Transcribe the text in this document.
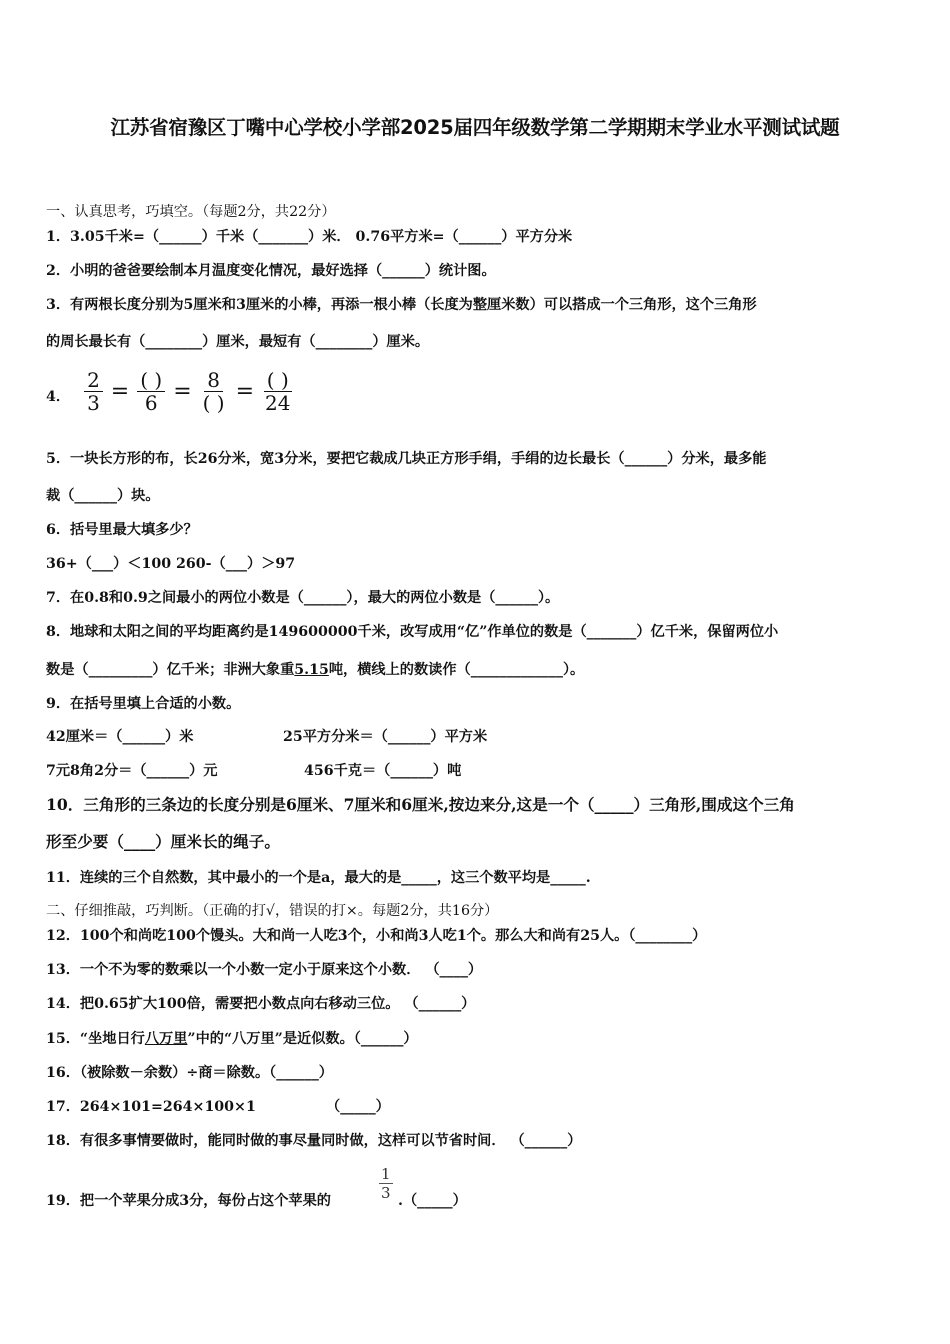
江苏省宿豫区丁嘴中心学校小学部2025届四年级数学第二学期期末学业水平测试试题
一、认真思考，巧填空。（每题2分，共22分）
1．3.05千米=（______）千米（_______）米． 0.76平方米=（______）平方分米
2．小明的爸爸要绘制本月温度变化情况，最好选择（______）统计图。
3．有两根长度分别为5厘米和3厘米的小棒，再添一根小棒（长度为整厘米数）可以搭成一个三角形，这个三角形
的周长最长有（________）厘米，最短有（________）厘米。
4． $\frac{2}{3}$ = ( )
6 = 8
( ) = ( )
24
5．一块长方形的布，长26分米，宽3分米，要把它裁成几块正方形手绢，手绢的边长最长（______）分米，最多能
裁（______）块。
6．括号里最大填多少？
36+（___）＜100 260-（___）＞97
7．在0.8和0.9之间最小的两位小数是（______），最大的两位小数是（______）。
8．地球和太阳之间的平均距离约是149600000千米，改写成用“亿”作单位的数是（_______）亿千米，保留两位小
数是（_________）亿千米；非洲大象重5.15吨，横线上的数读作（_____________）。
9．在括号里填上合适的小数。
42厘米＝（______）米	25平方分米＝（______）平方米
7元8角2分＝（______）元	456千克＝（______）吨
10．三角形的三条边的长度分别是6厘米、7厘米和6厘米,按边来分,这是一个（_____）三角形,围成这个三角
形至少要（____）厘米长的绳子。
11．连续的三个自然数，其中最小的一个是a，最大的是_____，这三个数平均是_____.
二、仔细推敲，巧判断。（正确的打√，错误的打×。每题2分，共16分）
12．100个和尚吃100个馒头。大和尚一人吃3个，小和尚3人吃1个。那么大和尚有25人。（________）
13．一个不为零的数乘以一个小数一定小于原来这个小数． （____）
14．把0.65扩大100倍，需要把小数点向右移动三位。 （______）
15．“坐地日行八万里”中的“八万里”是近似数。（______）
16．（被除数－余数）÷商＝除数。（______）
17．264×101=264×100×1	（_____）
18．有很多事情要做时，能同时做的事尽量同时做，这样可以节省时间． （______）
19．把一个苹果分成3分，每份占这个苹果的	$\frac{1}{3}$ .（_____）
